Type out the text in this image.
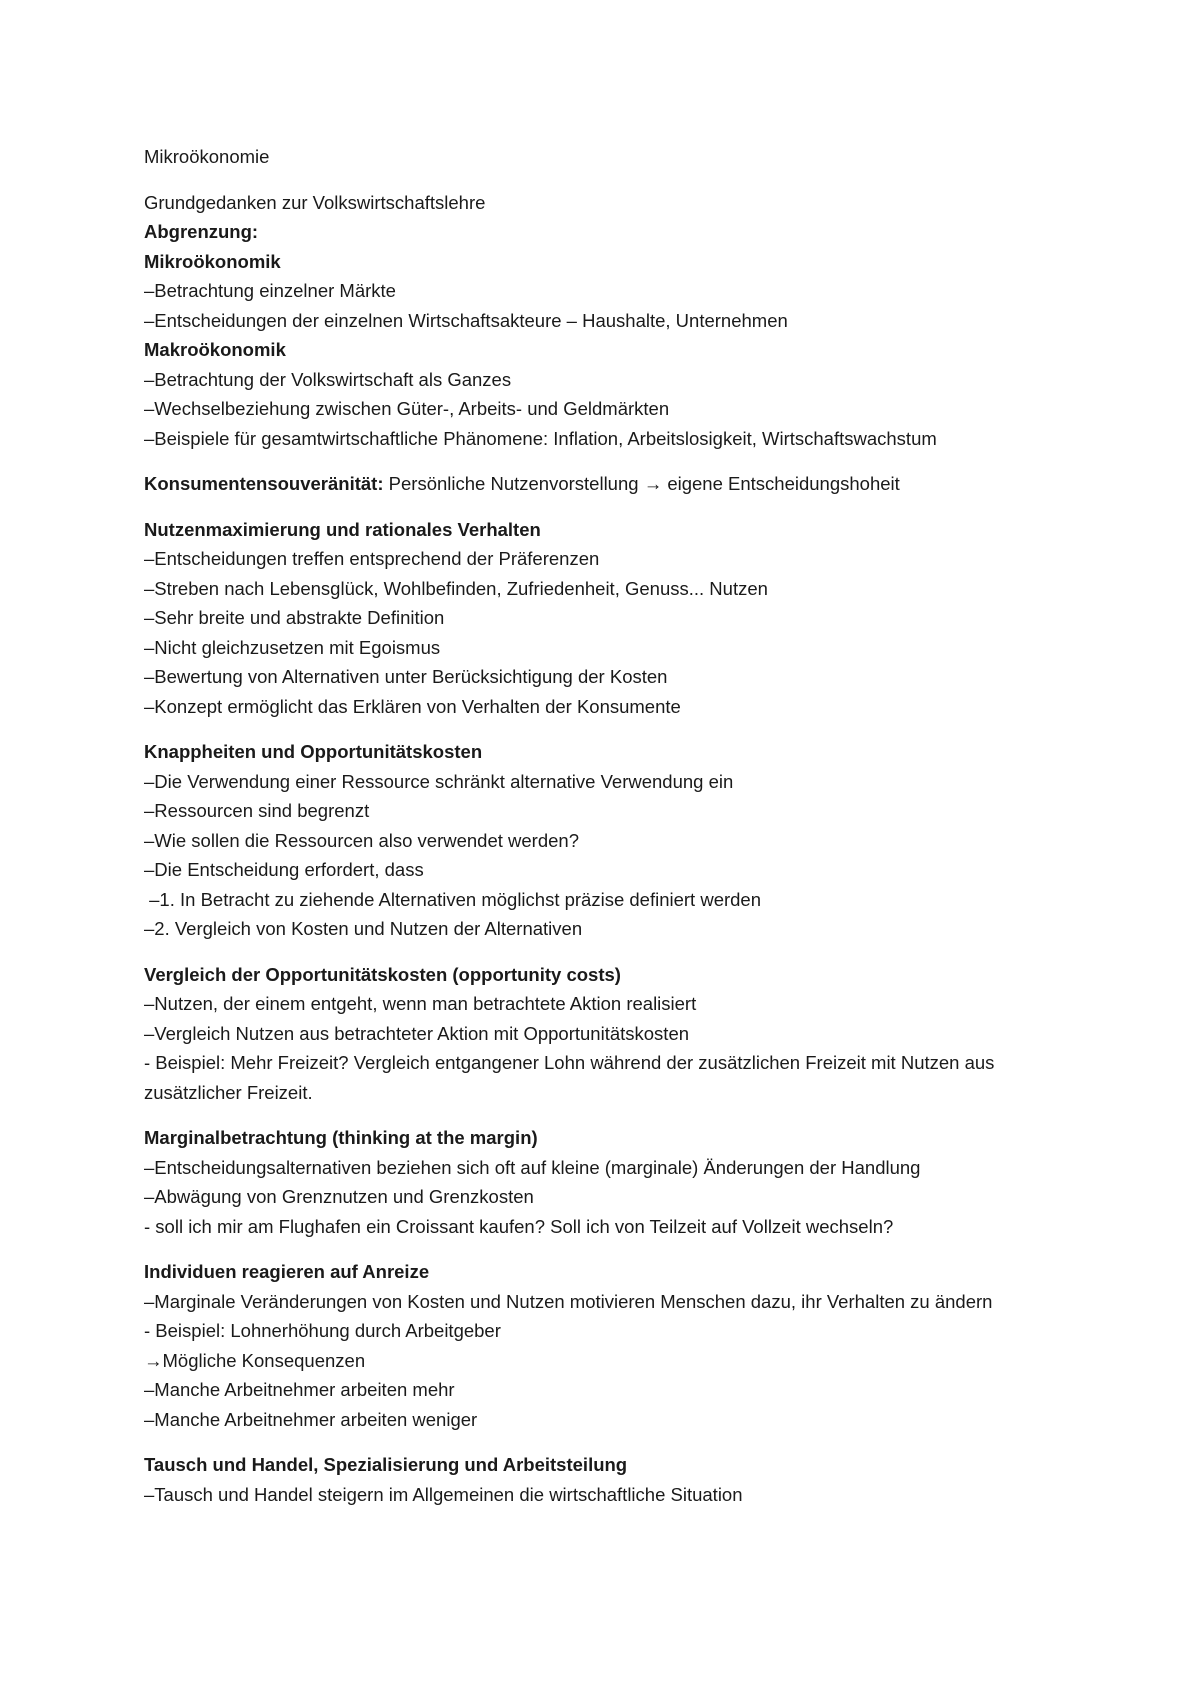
Mikroökonomie

Grundgedanken zur Volkswirtschaftslehre

Abgrenzung:

Mikroökonomik

–Betrachtung einzelner Märkte

–Entscheidungen der einzelnen Wirtschaftsakteure – Haushalte, Unternehmen

Makroökonomik

–Betrachtung der Volkswirtschaft als Ganzes

–Wechselbeziehung zwischen Güter-, Arbeits- und Geldmärkten

–Beispiele für gesamtwirtschaftliche Phänomene: Inflation, Arbeitslosigkeit, Wirtschaftswachstum

Konsumentensouveränität: Persönliche Nutzenvorstellung → eigene Entscheidungshoheit

Nutzenmaximierung und rationales Verhalten

–Entscheidungen treffen entsprechend der Präferenzen

–Streben nach Lebensglück, Wohlbefinden, Zufriedenheit, Genuss... Nutzen

–Sehr breite und abstrakte Definition

–Nicht gleichzusetzen mit Egoismus

–Bewertung von Alternativen unter Berücksichtigung der Kosten

–Konzept ermöglicht das Erklären von Verhalten der Konsumente

Knappheiten und Opportunitätskosten

–Die Verwendung einer Ressource schränkt alternative Verwendung ein

–Ressourcen sind begrenzt

–Wie sollen die Ressourcen also verwendet werden?

–Die Entscheidung erfordert, dass

–1. In Betracht zu ziehende Alternativen möglichst präzise definiert werden

–2. Vergleich von Kosten und Nutzen der Alternativen

Vergleich der Opportunitätskosten (opportunity costs)

–Nutzen, der einem entgeht, wenn man betrachtete Aktion realisiert

–Vergleich Nutzen aus betrachteter Aktion mit Opportunitätskosten

- Beispiel: Mehr Freizeit? Vergleich entgangener Lohn während der zusätzlichen Freizeit mit Nutzen aus zusätzlicher Freizeit.

Marginalbetrachtung (thinking at the margin)

–Entscheidungsalternativen beziehen sich oft auf kleine (marginale) Änderungen der Handlung

–Abwägung von Grenznutzen und Grenzkosten

- soll ich mir am Flughafen ein Croissant kaufen? Soll ich von Teilzeit auf Vollzeit wechseln?

Individuen reagieren auf Anreize

–Marginale Veränderungen von Kosten und Nutzen motivieren Menschen dazu, ihr Verhalten zu ändern

- Beispiel: Lohnerhöhung durch Arbeitgeber

→Mögliche Konsequenzen

–Manche Arbeitnehmer arbeiten mehr

–Manche Arbeitnehmer arbeiten weniger

Tausch und Handel, Spezialisierung und Arbeitsteilung

–Tausch und Handel steigern im Allgemeinen die wirtschaftliche Situation
